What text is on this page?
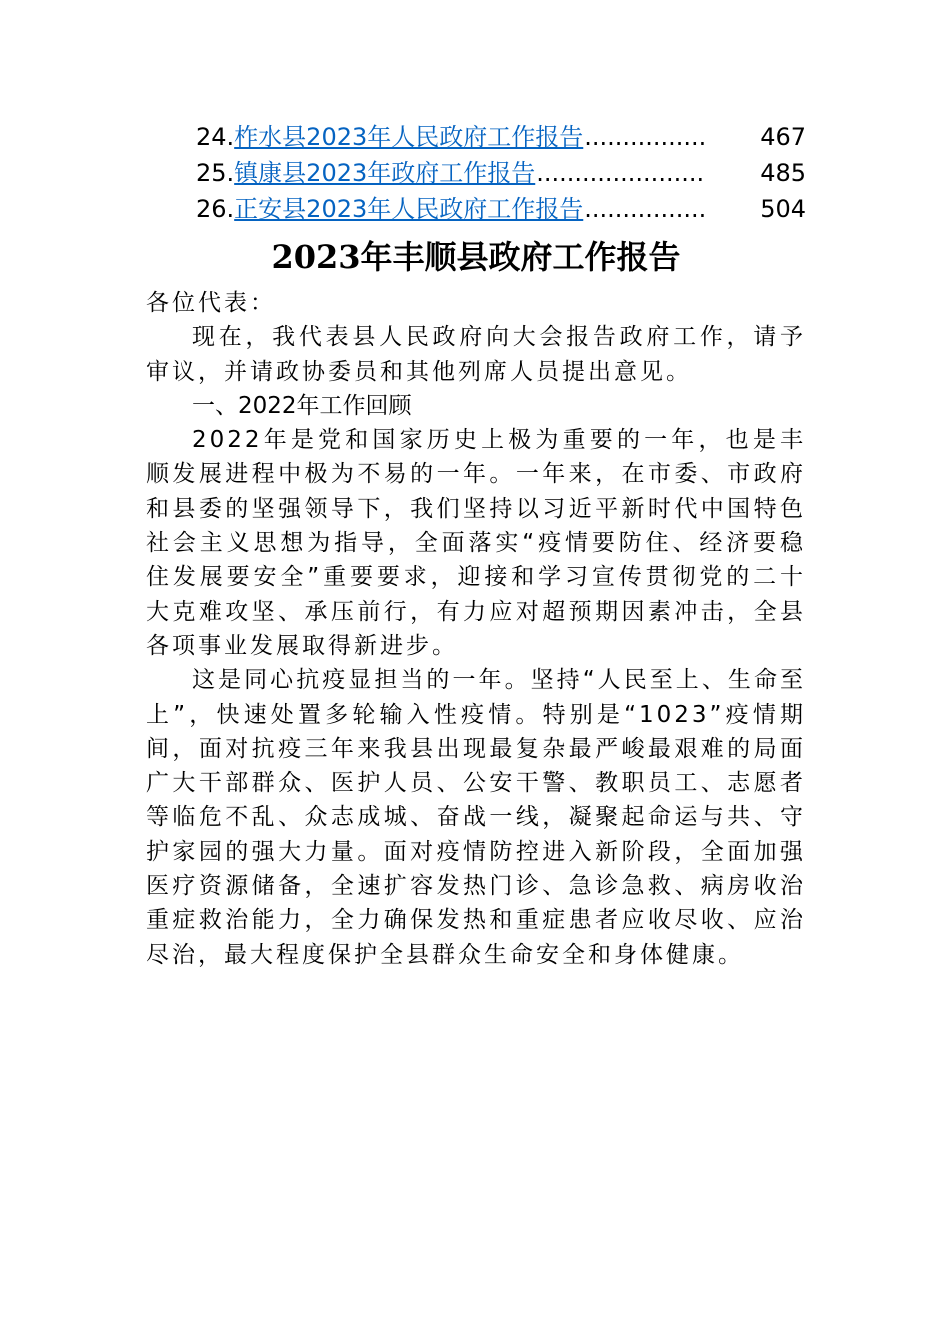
24. 柞水县2023年人民政府工作报告 ................	467
25. 镇康县2023年政府工作报告 ......................	485
26. 正安县2023年人民政府工作报告 ................	504
2023年丰顺县政府工作报告

各位代表：

现在，我代表县人民政府向大会报告政府工作，请予审议，并请政协委员和其他列席人员提出意见。

一、2022年工作回顾

2022年是党和国家历史上极为重要的一年，也是丰顺发展进程中极为不易的一年。一年来，在市委、市政府和县委的坚强领导下，我们坚持以习近平新时代中国特色社会主义思想为指导，全面落实“疫情要防住、经济要稳住发展要安全”重要要求，迎接和学习宣传贯彻党的二十大克难攻坚、承压前行，有力应对超预期因素冲击，全县各项事业发展取得新进步。

这是同心抗疫显担当的一年。坚持“人民至上、生命至上”，快速处置多轮输入性疫情。特别是“1023”疫情期间，面对抗疫三年来我县出现最复杂最严峻最艰难的局面广大干部群众、医护人员、公安干警、教职员工、志愿者等临危不乱、众志成城、奋战一线，凝聚起命运与共、守护家园的强大力量。面对疫情防控进入新阶段，全面加强医疗资源储备，全速扩容发热门诊、急诊急救、病房收治重症救治能力，全力确保发热和重症患者应收尽收、应治尽治，最大程度保护全县群众生命安全和身体健康。
